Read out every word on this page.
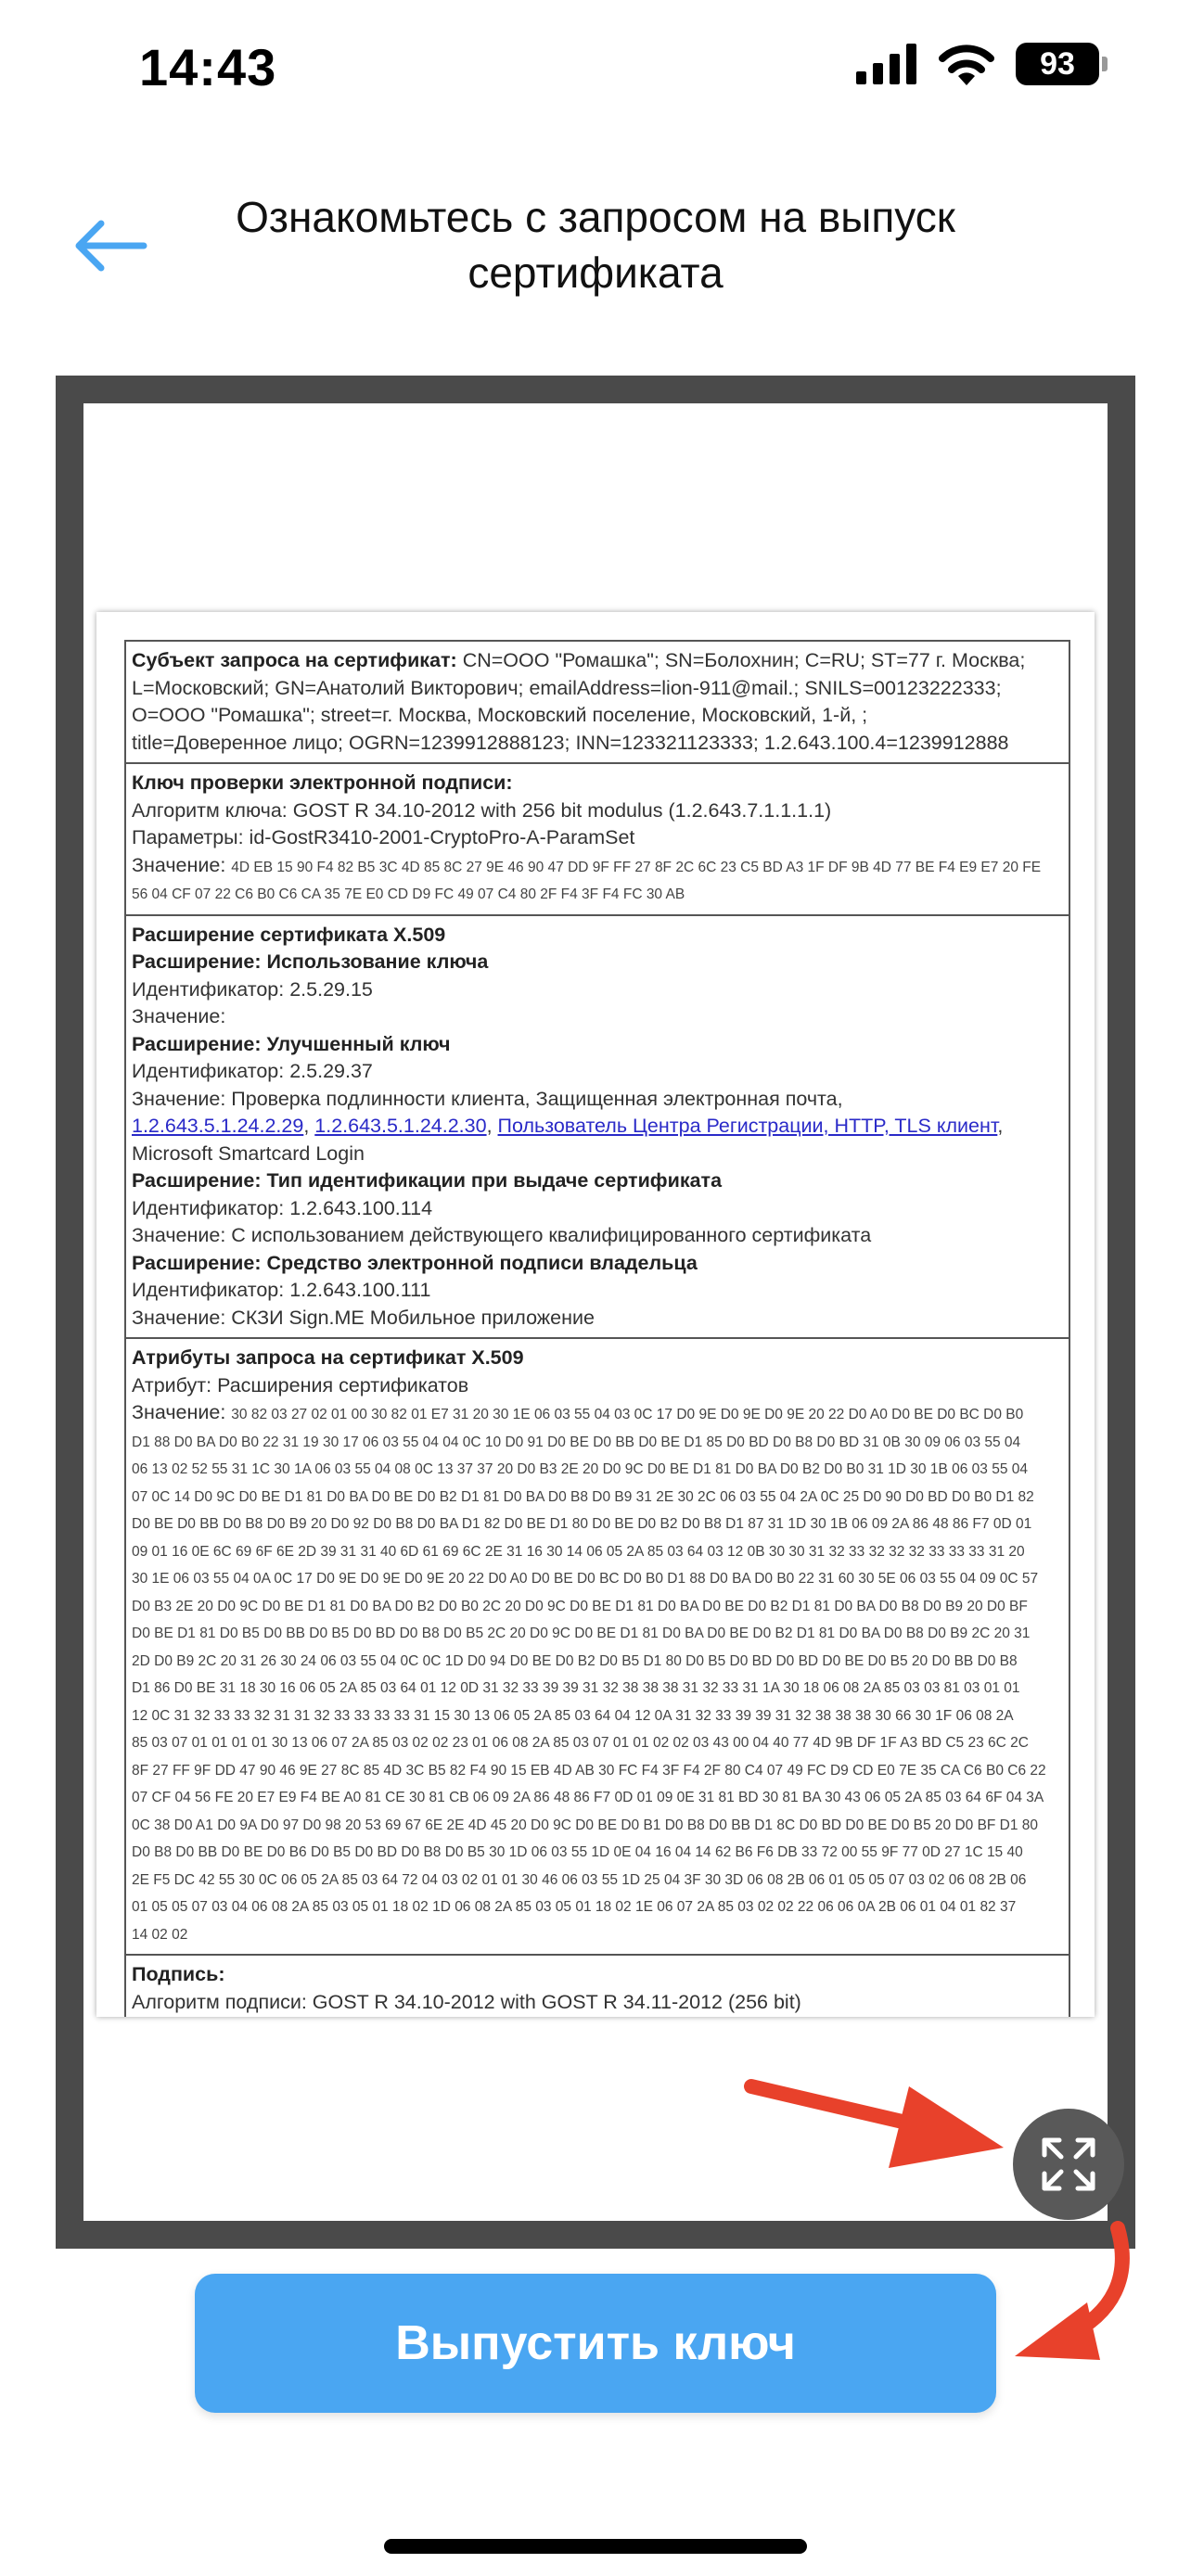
14:43	93
Ознакомьтесь с запросом на выпуск
сертификата
Субъект запроса на сертификат: CN=ООО "Ромашка"; SN=Болохнин; C=RU; ST=77 г. Москва;
L=Московский; GN=Анатолий Викторович; emailAddress=lion-911@mail.; SNILS=00123222333;
O=ООО "Ромашка"; street=г. Москва, Московский поселение, Московский, 1-й, ;
title=Доверенное лицо; OGRN=1239912888123; INN=123321123333; 1.2.643.100.4=1239912888
Ключ проверки электронной подписи:
Алгоритм ключа: GOST R 34.10-2012 with 256 bit modulus (1.2.643.7.1.1.1.1)
Параметры: id-GostR3410-2001-CryptoPro-A-ParamSet
Значение: 4D EB 15 90 F4 82 B5 3C 4D 85 8C 27 9E 46 90 47 DD 9F FF 27 8F 2C 6C 23 C5 BD A3 1F DF 9B 4D 77 BE F4 E9 E7 20 FE
56 04 CF 07 22 C6 B0 C6 CA 35 7E E0 CD D9 FC 49 07 C4 80 2F F4 3F F4 FC 30 AB
Расширение сертификата X.509
Расширение: Использование ключа
Идентификатор: 2.5.29.15
Значение:
Расширение: Улучшенный ключ
Идентификатор: 2.5.29.37
Значение: Проверка подлинности клиента, Защищенная электронная почта,
1.2.643.5.1.24.2.29, 1.2.643.5.1.24.2.30, Пользователь Центра Регистрации, HTTP, TLS клиент,
Microsoft Smartcard Login
Расширение: Тип идентификации при выдаче сертификата
Идентификатор: 1.2.643.100.114
Значение: С использованием действующего квалифицированного сертификата
Расширение: Средство электронной подписи владельца
Идентификатор: 1.2.643.100.111
Значение: СКЗИ Sign.ME Мобильное приложение
Атрибуты запроса на сертификат X.509
Атрибут: Расширения сертификатов
Значение: 30 82 03 27 02 01 00 30 82 01 E7 31 20 30 1E 06 03 55 04 03 0C 17 D0 9E D0 9E D0 9E 20 22 D0 A0 D0 BE D0 BC D0 B0
D1 88 D0 BA D0 B0 22 31 19 30 17 06 03 55 04 04 0C 10 D0 91 D0 BE D0 BB D0 BE D1 85 D0 BD D0 B8 D0 BD 31 0B 30 09 06 03 55 04
06 13 02 52 55 31 1C 30 1A 06 03 55 04 08 0C 13 37 37 20 D0 B3 2E 20 D0 9C D0 BE D1 81 D0 BA D0 B2 D0 B0 31 1D 30 1B 06 03 55 04
07 0C 14 D0 9C D0 BE D1 81 D0 BA D0 BE D0 B2 D1 81 D0 BA D0 B8 D0 B9 31 2E 30 2C 06 03 55 04 2A 0C 25 D0 90 D0 BD D0 B0 D1 82
D0 BE D0 BB D0 B8 D0 B9 20 D0 92 D0 B8 D0 BA D1 82 D0 BE D1 80 D0 BE D0 B2 D0 B8 D1 87 31 1D 30 1B 06 09 2A 86 48 86 F7 0D 01
09 01 16 0E 6C 69 6F 6E 2D 39 31 31 40 6D 61 69 6C 2E 31 16 30 14 06 05 2A 85 03 64 03 12 0B 30 30 31 32 33 32 32 32 33 33 33 31 20
30 1E 06 03 55 04 0A 0C 17 D0 9E D0 9E D0 9E 20 22 D0 A0 D0 BE D0 BC D0 B0 D1 88 D0 BA D0 B0 22 31 60 30 5E 06 03 55 04 09 0C 57
D0 B3 2E 20 D0 9C D0 BE D1 81 D0 BA D0 B2 D0 B0 2C 20 D0 9C D0 BE D1 81 D0 BA D0 BE D0 B2 D1 81 D0 BA D0 B8 D0 B9 20 D0 BF
D0 BE D1 81 D0 B5 D0 BB D0 B5 D0 BD D0 B8 D0 B5 2C 20 D0 9C D0 BE D1 81 D0 BA D0 BE D0 B2 D1 81 D0 BA D0 B8 D0 B9 2C 20 31
2D D0 B9 2C 20 31 26 30 24 06 03 55 04 0C 0C 1D D0 94 D0 BE D0 B2 D0 B5 D1 80 D0 B5 D0 BD D0 BD D0 BE D0 B5 20 D0 BB D0 B8
D1 86 D0 BE 31 18 30 16 06 05 2A 85 03 64 01 12 0D 31 32 33 39 39 31 32 38 38 38 31 32 33 31 1A 30 18 06 08 2A 85 03 03 81 03 01 01
12 0C 31 32 33 33 32 31 31 32 33 33 33 33 31 15 30 13 06 05 2A 85 03 64 04 12 0A 31 32 33 39 39 31 32 38 38 38 30 66 30 1F 06 08 2A
85 03 07 01 01 01 01 30 13 06 07 2A 85 03 02 02 23 01 06 08 2A 85 03 07 01 01 02 02 03 43 00 04 40 77 4D 9B DF 1F A3 BD C5 23 6C 2C
8F 27 FF 9F DD 47 90 46 9E 27 8C 85 4D 3C B5 82 F4 90 15 EB 4D AB 30 FC F4 3F F4 2F 80 C4 07 49 FC D9 CD E0 7E 35 CA C6 B0 C6 22
07 CF 04 56 FE 20 E7 E9 F4 BE A0 81 CE 30 81 CB 06 09 2A 86 48 86 F7 0D 01 09 0E 31 81 BD 30 81 BA 30 43 06 05 2A 85 03 64 6F 04 3A
0C 38 D0 A1 D0 9A D0 97 D0 98 20 53 69 67 6E 2E 4D 45 20 D0 9C D0 BE D0 B1 D0 B8 D0 BB D1 8C D0 BD D0 BE D0 B5 20 D0 BF D1 80
D0 B8 D0 BB D0 BE D0 B6 D0 B5 D0 BD D0 B8 D0 B5 30 1D 06 03 55 1D 0E 04 16 04 14 62 B6 F6 DB 33 72 00 55 9F 77 0D 27 1C 15 40
2E F5 DC 42 55 30 0C 06 05 2A 85 03 64 72 04 03 02 01 01 30 46 06 03 55 1D 25 04 3F 30 3D 06 08 2B 06 01 05 05 07 03 02 06 08 2B 06
01 05 05 07 03 04 06 08 2A 85 03 05 01 18 02 1D 06 08 2A 85 03 05 01 18 02 1E 06 07 2A 85 03 02 02 22 06 06 0A 2B 06 01 04 01 82 37
14 02 02
Подпись:
Алгоритм подписи: GOST R 34.10-2012 with GOST R 34.11-2012 (256 bit)
Выпустить ключ
